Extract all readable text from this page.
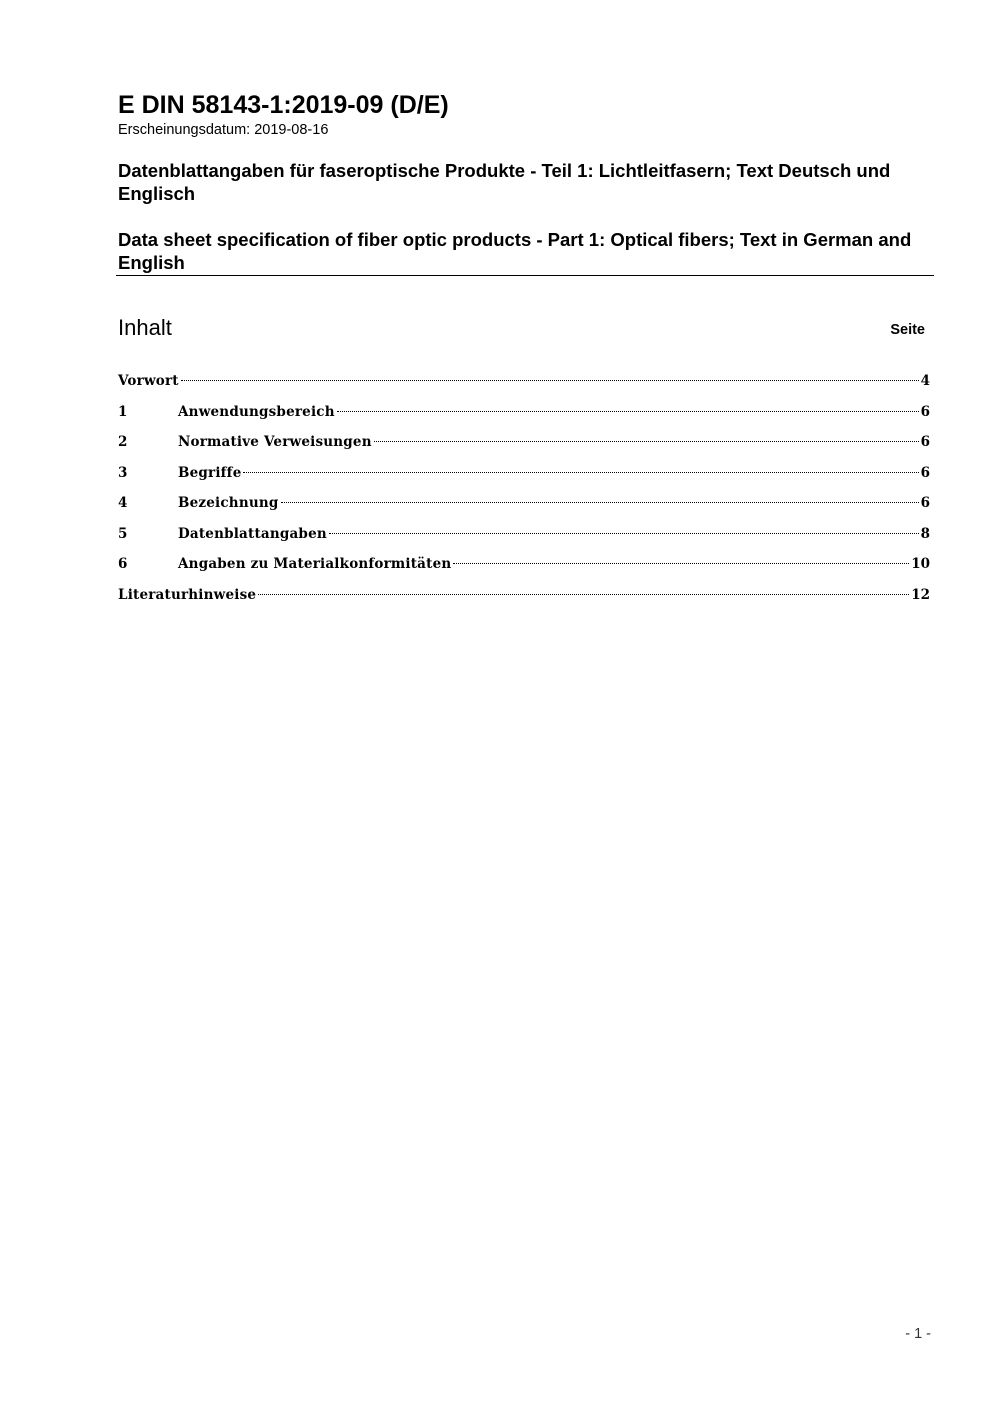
E DIN 58143-1:2019-09 (D/E)
Erscheinungsdatum: 2019-08-16
Datenblattangaben für faseroptische Produkte - Teil 1: Lichtleitfasern; Text Deutsch und Englisch
Data sheet specification of fiber optic products - Part 1: Optical fibers; Text in German and English
Inhalt	Seite
Vorwort	4
1	Anwendungsbereich	6
2	Normative Verweisungen	6
3	Begriffe	6
4	Bezeichnung	6
5	Datenblattangaben	8
6	Angaben zu Materialkonformitäten	10
Literaturhinweise	12
- 1 -
